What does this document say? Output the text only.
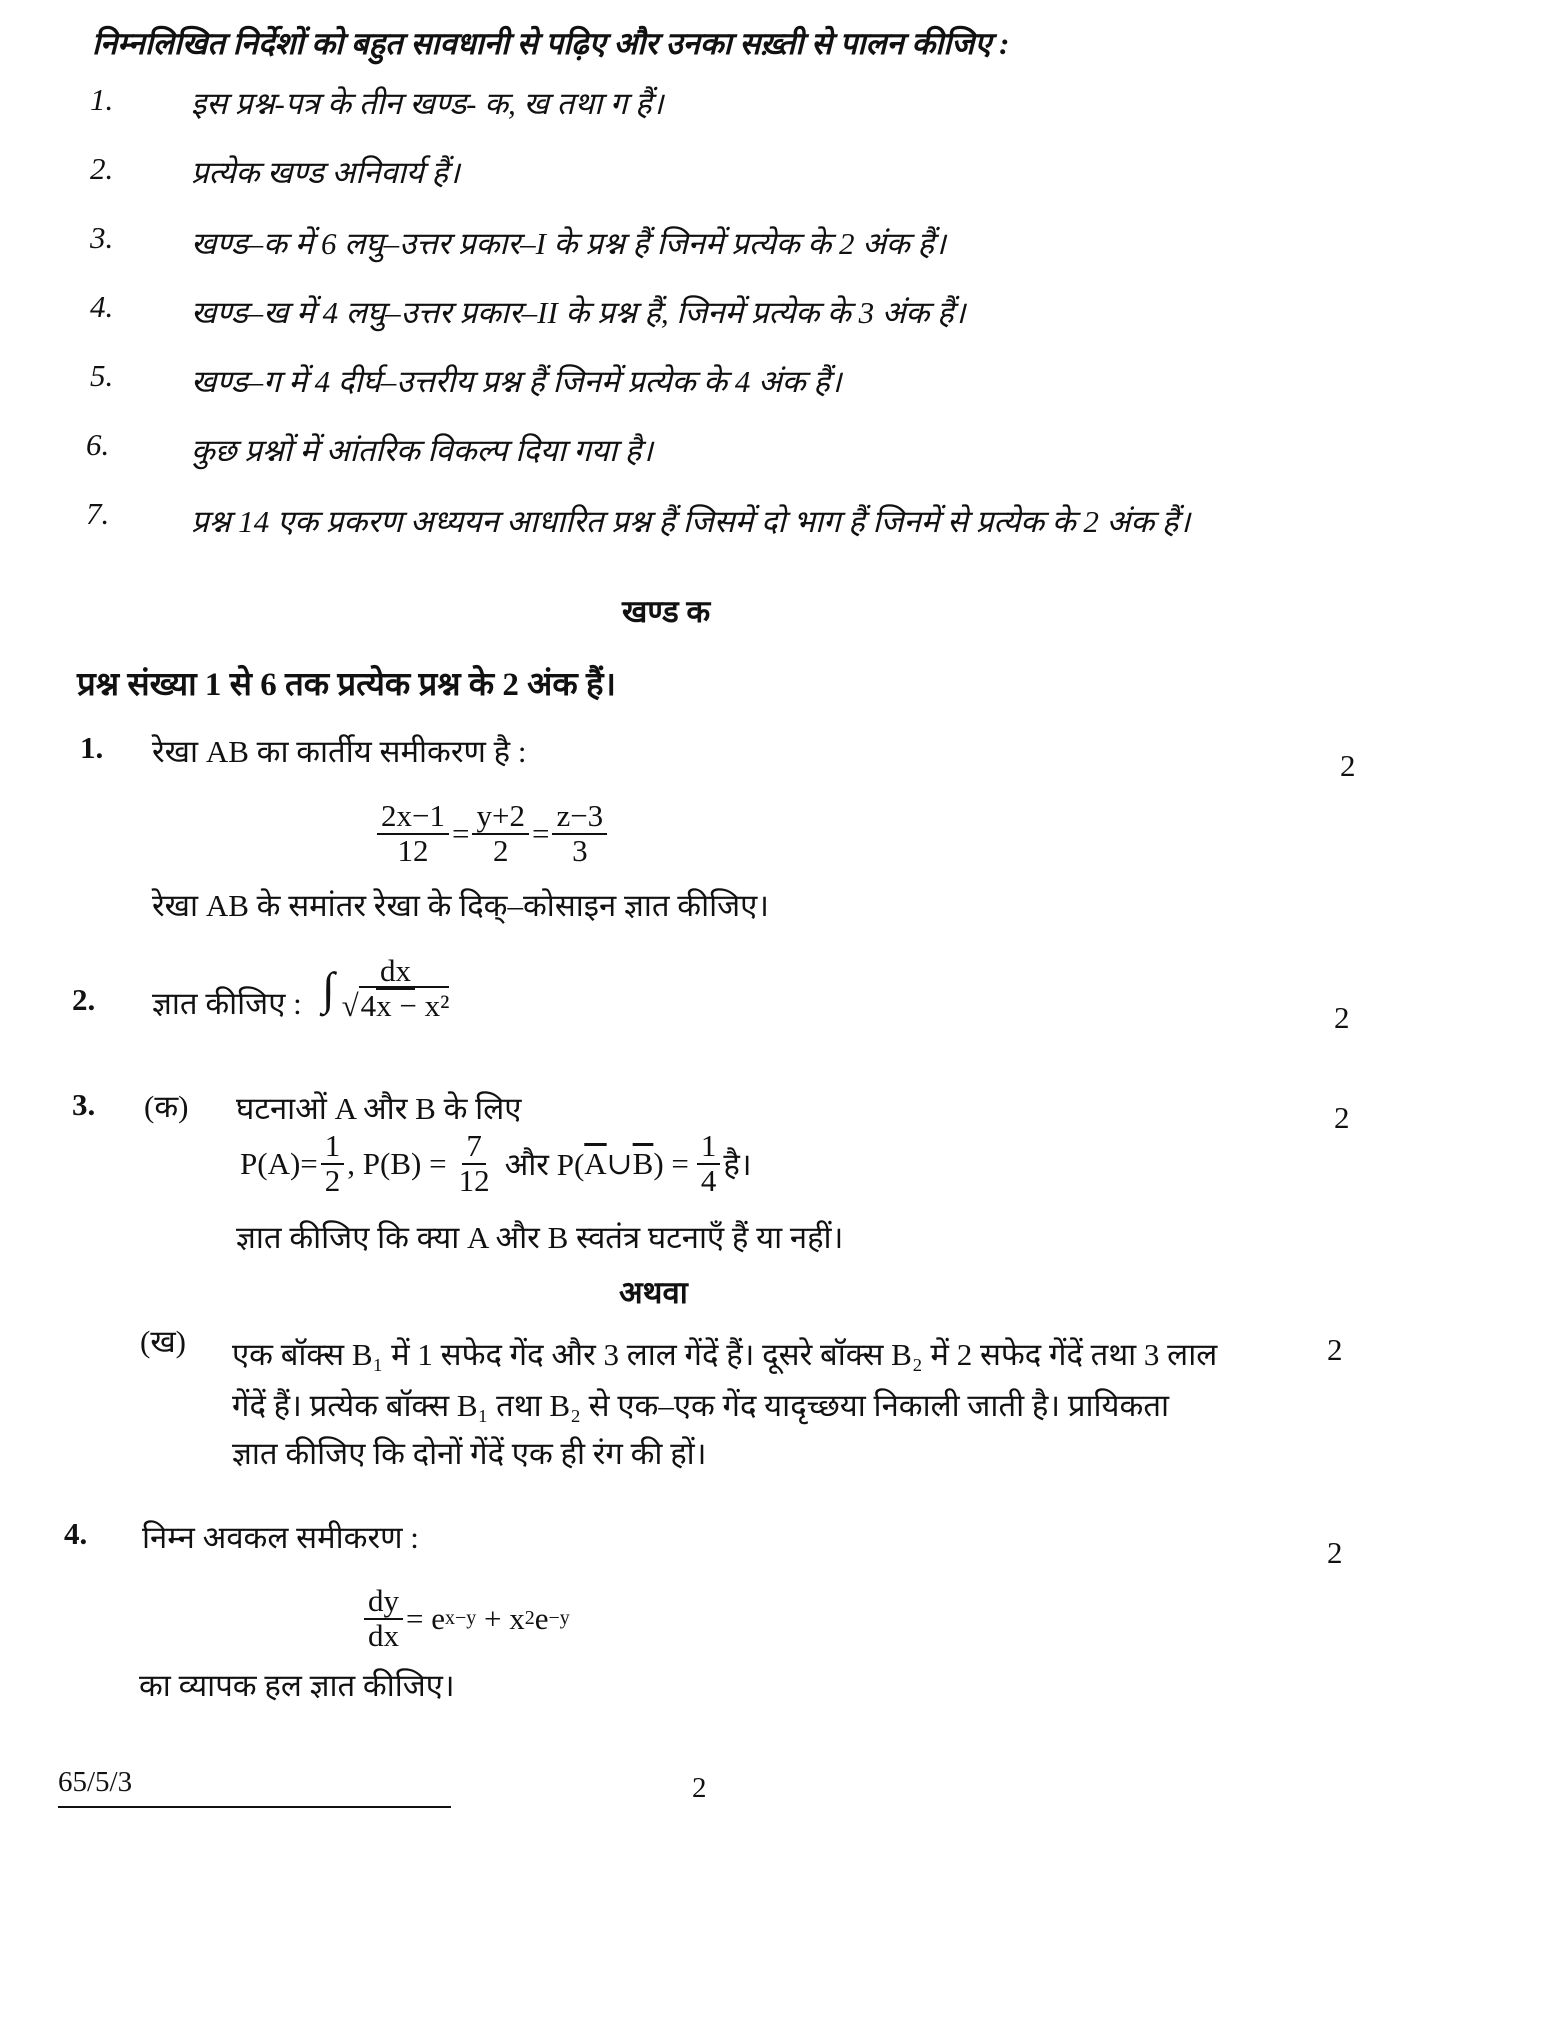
निम्नलिखित निर्देशों को बहुत सावधानी से पढ़िए और उनका सख़्ती से पालन कीजिए :
1.	इस प्रश्न-पत्र के तीन खण्ड- क, ख तथा ग हैं।
2.	प्रत्येक खण्ड अनिवार्य हैं।
3.	खण्ड–क में 6 लघु–उत्तर प्रकार–I के प्रश्न हैं जिनमें प्रत्येक के 2 अंक हैं।
4.	खण्ड–ख में 4 लघु–उत्तर प्रकार–II के प्रश्न हैं, जिनमें प्रत्येक के 3 अंक हैं।
5.	खण्ड–ग में 4 दीर्घ–उत्तरीय प्रश्न हैं जिनमें प्रत्येक के 4 अंक हैं।
6.	कुछ प्रश्नों में आंतरिक विकल्प दिया गया है।
7.	प्रश्न 14 एक प्रकरण अध्ययन आधारित प्रश्न हैं जिसमें दो भाग हैं जिनमें से प्रत्येक के 2 अंक हैं।
खण्ड क
प्रश्न संख्या 1 से 6 तक प्रत्येक प्रश्न के 2 अंक हैं।
1. रेखा AB का कार्तीय समीकरण है :	2
$\frac{2x-1}{12} = \frac{y+2}{2} = \frac{z-3}{3}$
रेखा AB के समांतर रेखा के दिक्–कोसाइन ज्ञात कीजिए।
2. ज्ञात कीजिए : ∫ $\frac{dx}{\text{√4x − x²}}$	2
3. (क) घटनाओं A और B के लिए	2
$P(A)= \frac{1}{2}$ , $P(B) = \frac{7}{12}$ और P( $\overline{A}$ ∪ $\overline{B}$ ) = $\frac{1}{4}$ है।
ज्ञात कीजिए कि क्या A और B स्वतंत्र घटनाएँ हैं या नहीं।
अथवा
(ख) एक बॉक्स B₁ में 1 सफेद गेंद और 3 लाल गेंदें हैं। दूसरे बॉक्स B₂ में 2 सफेद गेंदें तथा 3 लाल
गेंदें हैं। प्रत्येक बॉक्स B₁ तथा B₂ से एक–एक गेंद यादृच्छया निकाली जाती है। प्रायिकता
ज्ञात कीजिए कि दोनों गेंदें एक ही रंग की हों।
2
4. निम्न अवकल समीकरण :	2
$\frac{dy}{dx} = e$ x−y + x 2 e −y
का व्यापक हल ज्ञात कीजिए।
65/5/3	2
